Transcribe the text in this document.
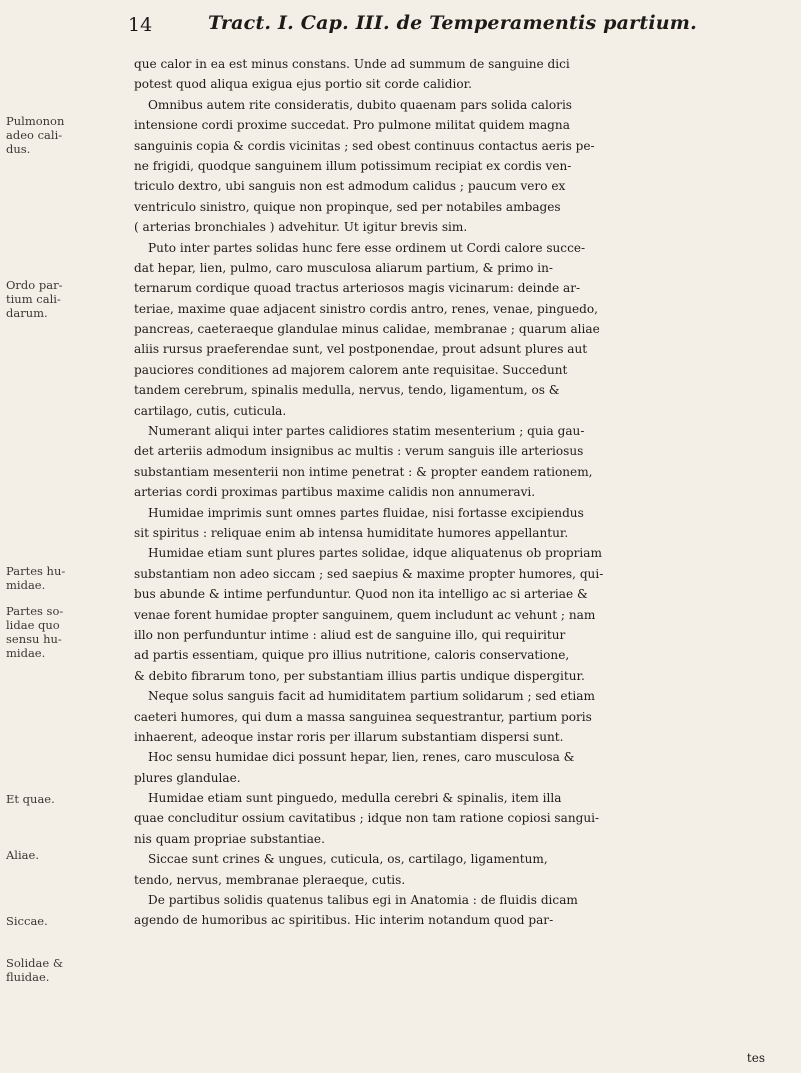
14	Tract. I. Cap. III. de Temperamentis partium.
Pulmonon
adeo cali-
dus.
Ordo par-
tium cali-
darum.
Partes hu-
midae.
Partes so-
lidae quo
sensu hu-
midae.
Et quae.
Aliae.
Siccae.
Solidae &
fluidae.
que calor in ea est minus constans. Unde ad summum de sanguine dici
potest quod aliqua exigua ejus portio sit corde calidior.
Omnibus autem rite consideratis, dubito quaenam pars solida caloris
intensione cordi proxime succedat. Pro pulmone militat quidem magna
sanguinis copia & cordis vicinitas ; sed obest continuus contactus aeris pe-
ne frigidi, quodque sanguinem illum potissimum recipiat ex cordis ven-
triculo dextro, ubi sanguis non est admodum calidus ; paucum vero ex
ventriculo sinistro, quique non propinque, sed per notabiles ambages
( arterias bronchiales ) advehitur. Ut igitur brevis sim.
Puto inter partes solidas hunc fere esse ordinem ut Cordi calore succe-
dat hepar, lien, pulmo, caro musculosa aliarum partium, & primo in-
ternarum cordique quoad tractus arteriosos magis vicinarum: deinde ar-
teriae, maxime quae adjacent sinistro cordis antro, renes, venae, pinguedo,
pancreas, caeteraeque glandulae minus calidae, membranae ; quarum aliae
aliis rursus praeferendae sunt, vel postponendae, prout adsunt plures aut
pauciores conditiones ad majorem calorem ante requisitae. Succedunt
tandem cerebrum, spinalis medulla, nervus, tendo, ligamentum, os &
cartilago, cutis, cuticula.
Numerant aliqui inter partes calidiores statim mesenterium ; quia gau-
det arteriis admodum insignibus ac multis : verum sanguis ille arteriosus
substantiam mesenterii non intime penetrat : & propter eandem rationem,
arterias cordi proximas partibus maxime calidis non annumeravi.
Humidae imprimis sunt omnes partes fluidae, nisi fortasse excipiendus
sit spiritus : reliquae enim ab intensa humiditate humores appellantur.
Humidae etiam sunt plures partes solidae, idque aliquatenus ob propriam
substantiam non adeo siccam ; sed saepius & maxime propter humores, qui-
bus abunde & intime perfunduntur. Quod non ita intelligo ac si arteriae &
venae forent humidae propter sanguinem, quem includunt ac vehunt ; nam
illo non perfunduntur intime : aliud est de sanguine illo, qui requiritur
ad partis essentiam, quique pro illius nutritione, caloris conservatione,
& debito fibrarum tono, per substantiam illius partis undique dispergitur.
Neque solus sanguis facit ad humiditatem partium solidarum ; sed etiam
caeteri humores, qui dum a massa sanguinea sequestrantur, partium poris
inhaerent, adeoque instar roris per illarum substantiam dispersi sunt.
Hoc sensu humidae dici possunt hepar, lien, renes, caro musculosa &
plures glandulae.
Humidae etiam sunt pinguedo, medulla cerebri & spinalis, item illa
quae concluditur ossium cavitatibus ; idque non tam ratione copiosi sangui-
nis quam propriae substantiae.
Siccae sunt crines & ungues, cuticula, os, cartilago, ligamentum,
tendo, nervus, membranae pleraeque, cutis.
De partibus solidis quatenus talibus egi in Anatomia : de fluidis dicam
agendo de humoribus ac spiritibus. Hic interim notandum quod par-
tes
